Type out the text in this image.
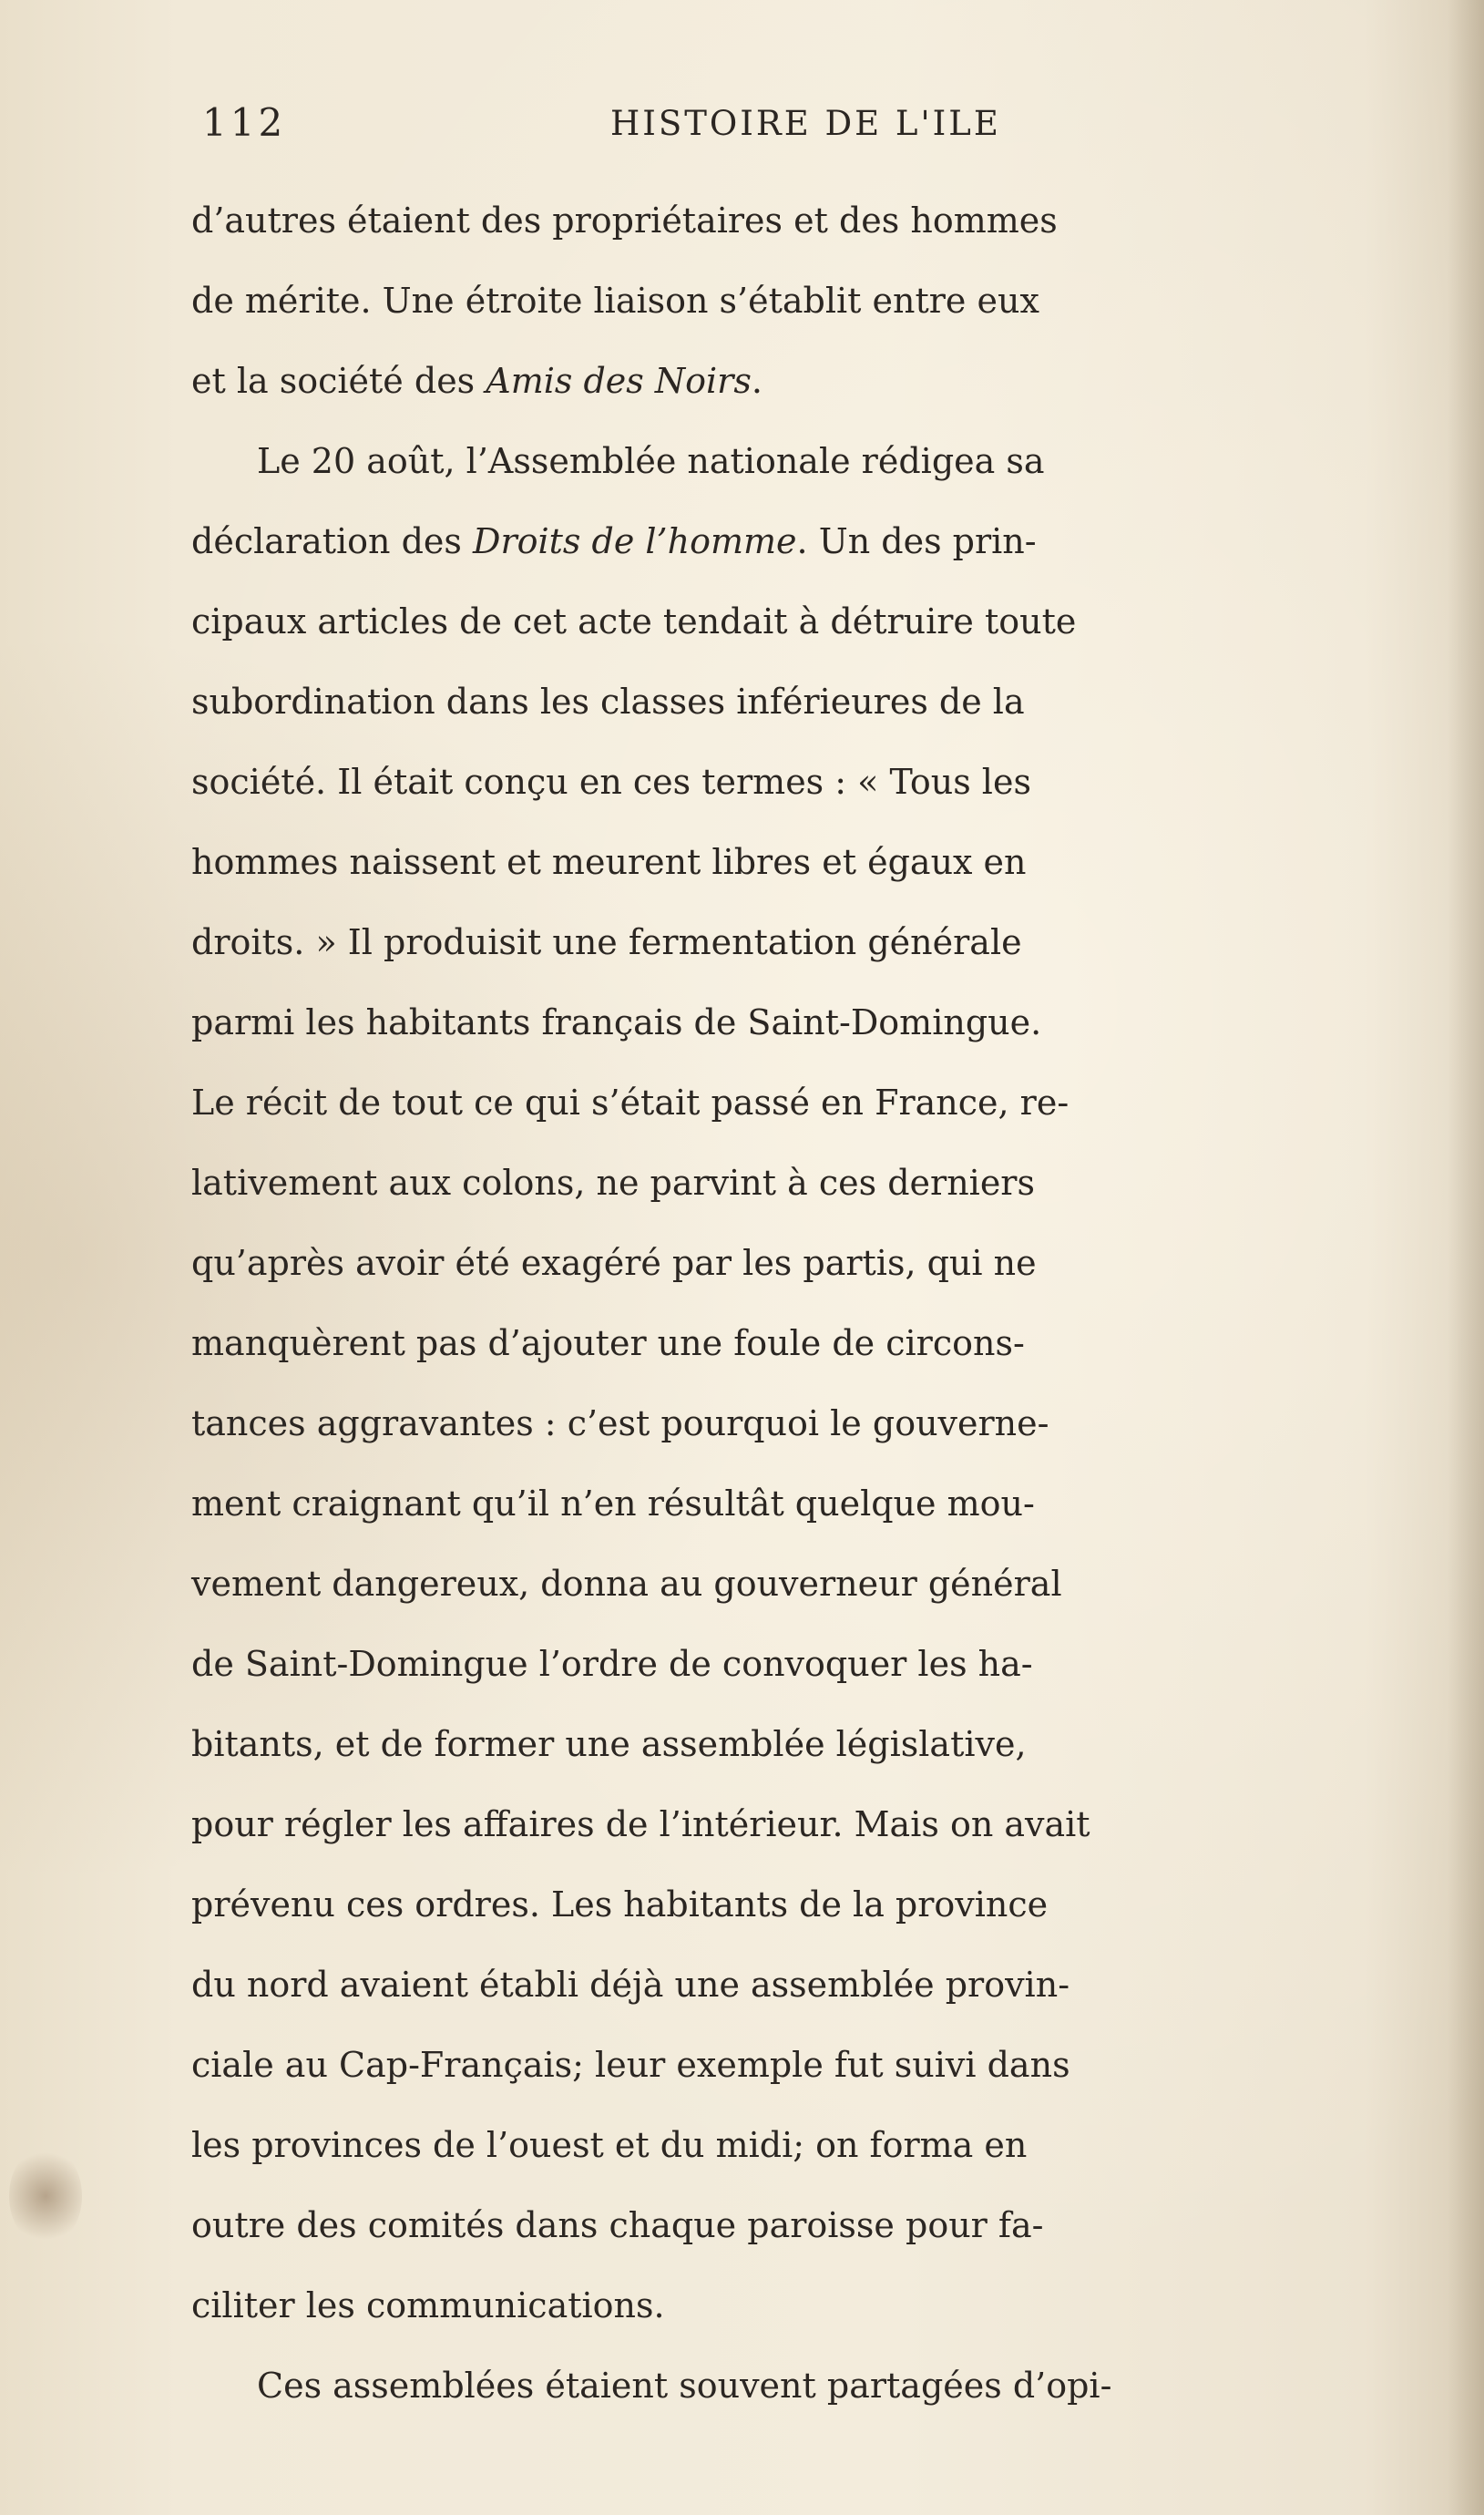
112	HISTOIRE DE L'ILE
d’autres étaient des propriétaires et des hommes
de mérite. Une étroite liaison s’établit entre eux
et la société des Amis des Noirs.
Le 20 août, l’Assemblée nationale rédigea sa
déclaration des Droits de l’homme. Un des prin-
cipaux articles de cet acte tendait à détruire toute
subordination dans les classes inférieures de la
société. Il était conçu en ces termes : « Tous les
hommes naissent et meurent libres et égaux en
droits. » Il produisit une fermentation générale
parmi les habitants français de Saint-Domingue.
Le récit de tout ce qui s’était passé en France, re-
lativement aux colons, ne parvint à ces derniers
qu’après avoir été exagéré par les partis, qui ne
manquèrent pas d’ajouter une foule de circons-
tances aggravantes : c’est pourquoi le gouverne-
ment craignant qu’il n’en résultât quelque mou-
vement dangereux, donna au gouverneur général
de Saint-Domingue l’ordre de convoquer les ha-
bitants, et de former une assemblée législative,
pour régler les affaires de l’intérieur. Mais on avait
prévenu ces ordres. Les habitants de la province
du nord avaient établi déjà une assemblée provin-
ciale au Cap-Français; leur exemple fut suivi dans
les provinces de l’ouest et du midi; on forma en
outre des comités dans chaque paroisse pour fa-
ciliter les communications.
Ces assemblées étaient souvent partagées d’opi-
